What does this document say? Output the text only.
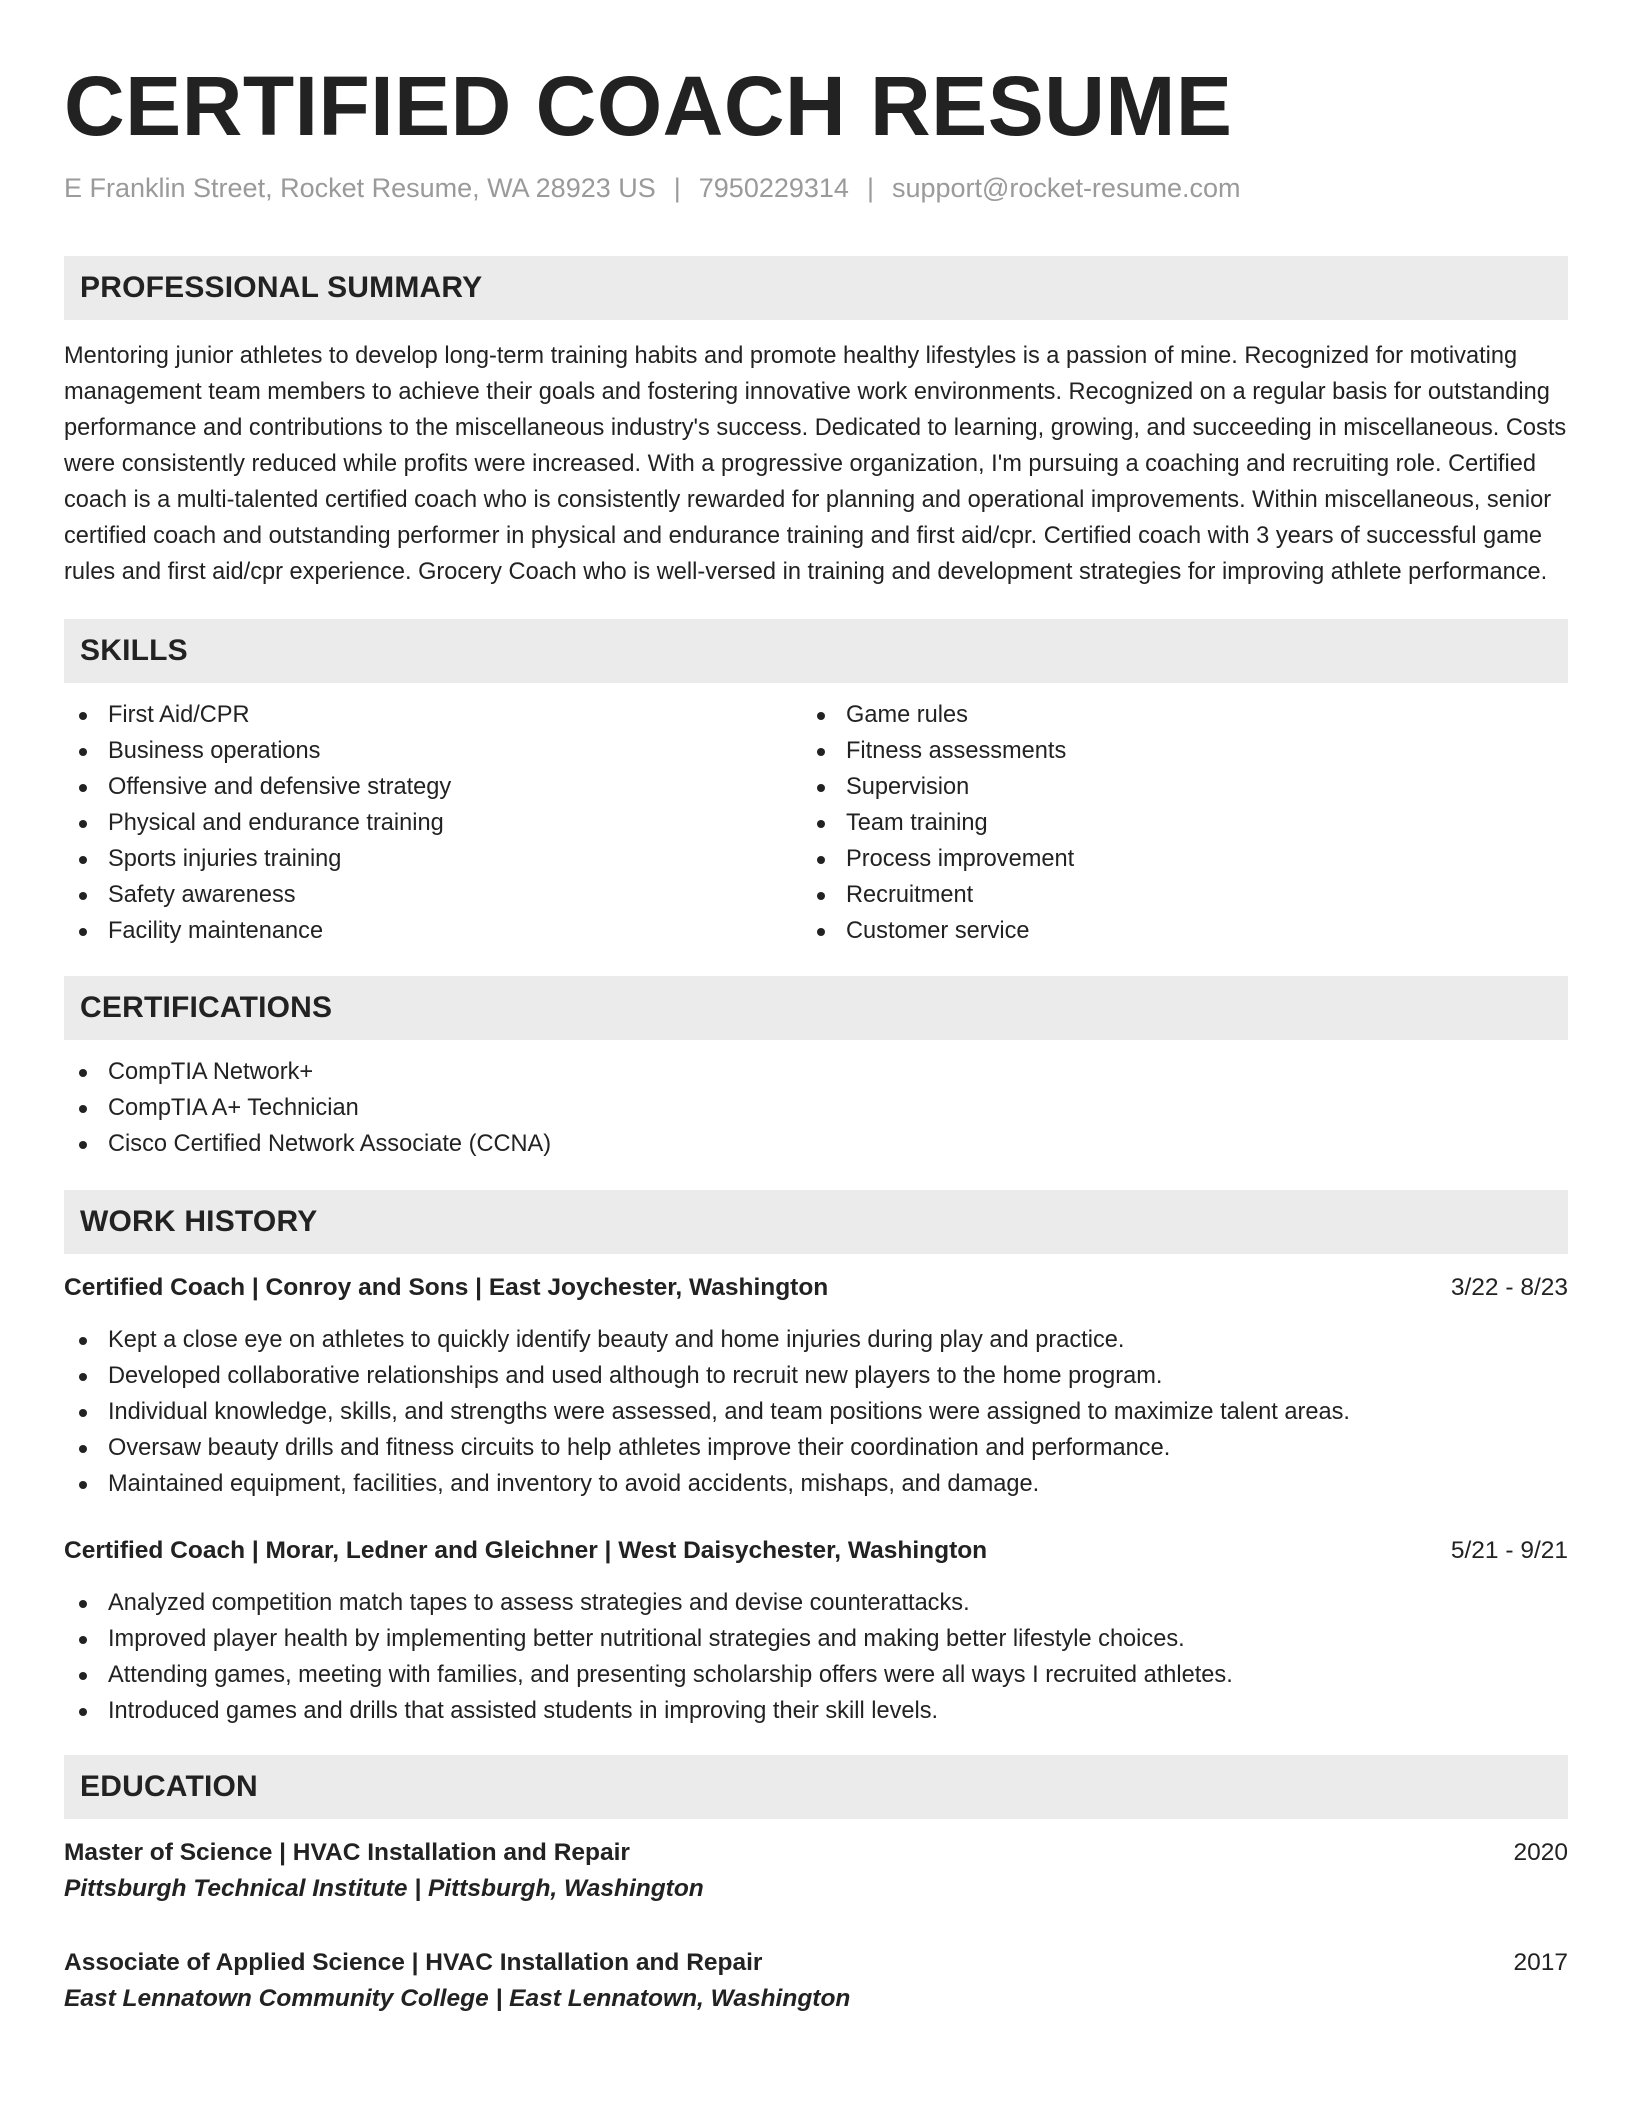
CERTIFIED COACH RESUME
E Franklin Street, Rocket Resume, WA 28923 US | 7950229314 | support@rocket-resume.com
PROFESSIONAL SUMMARY

Mentoring junior athletes to develop long-term training habits and promote healthy lifestyles is a passion of mine. Recognized for motivating management team members to achieve their goals and fostering innovative work environments. Recognized on a regular basis for outstanding performance and contributions to the miscellaneous industry's success. Dedicated to learning, growing, and succeeding in miscellaneous. Costs were consistently reduced while profits were increased. With a progressive organization, I'm pursuing a coaching and recruiting role. Certified coach is a multi-talented certified coach who is consistently rewarded for planning and operational improvements. Within miscellaneous, senior certified coach and outstanding performer in physical and endurance training and first aid/cpr. Certified coach with 3 years of successful game rules and first aid/cpr experience. Grocery Coach who is well-versed in training and development strategies for improving athlete performance.

SKILLS
First Aid/CPR
Business operations
Offensive and defensive strategy
Physical and endurance training
Sports injuries training
Safety awareness
Facility maintenance
Game rules
Fitness assessments
Supervision
Team training
Process improvement
Recruitment
Customer service
CERTIFICATIONS
CompTIA Network+
CompTIA A+ Technician
Cisco Certified Network Associate (CCNA)
WORK HISTORY
Certified Coach | Conroy and Sons | East Joychester, Washington	3/22 - 8/23
Kept a close eye on athletes to quickly identify beauty and home injuries during play and practice.
Developed collaborative relationships and used although to recruit new players to the home program.
Individual knowledge, skills, and strengths were assessed, and team positions were assigned to maximize talent areas.
Oversaw beauty drills and fitness circuits to help athletes improve their coordination and performance.
Maintained equipment, facilities, and inventory to avoid accidents, mishaps, and damage.
Certified Coach | Morar, Ledner and Gleichner | West Daisychester, Washington	5/21 - 9/21
Analyzed competition match tapes to assess strategies and devise counterattacks.
Improved player health by implementing better nutritional strategies and making better lifestyle choices.
Attending games, meeting with families, and presenting scholarship offers were all ways I recruited athletes.
Introduced games and drills that assisted students in improving their skill levels.
EDUCATION
Master of Science | HVAC Installation and Repair	2020
Pittsburgh Technical Institute | Pittsburgh, Washington
Associate of Applied Science | HVAC Installation and Repair	2017
East Lennatown Community College | East Lennatown, Washington
